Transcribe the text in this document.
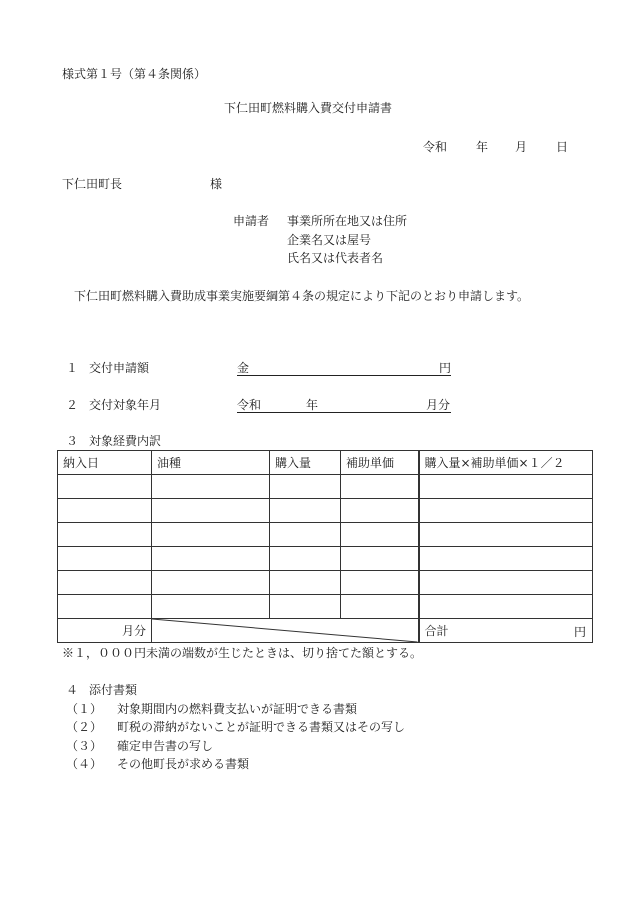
様式第１号（第４条関係）
下仁田町燃料購入費交付申請書
令和 年 月 日
下仁田町長	様
申請者 事業所所在地又は住所
企業名又は屋号
氏名又は代表者名
下仁田町燃料購入費助成事業実施要綱第４条の規定により下記のとおり申請します。
１ 交付申請額	金	円
２ 交付対象年月	令和	年	月分
３ 対象経費内訳
納入日	油種	購入量	補助単価	購入量×補助単価×１／２

月分				合計 円
※１，０００円未満の端数が生じたときは、切り捨てた額とする。
４ 添付書類
（１） 対象期間内の燃料費支払いが証明できる書類
（２） 町税の滞納がないことが証明できる書類又はその写し
（３） 確定申告書の写し
（４） その他町長が求める書類
